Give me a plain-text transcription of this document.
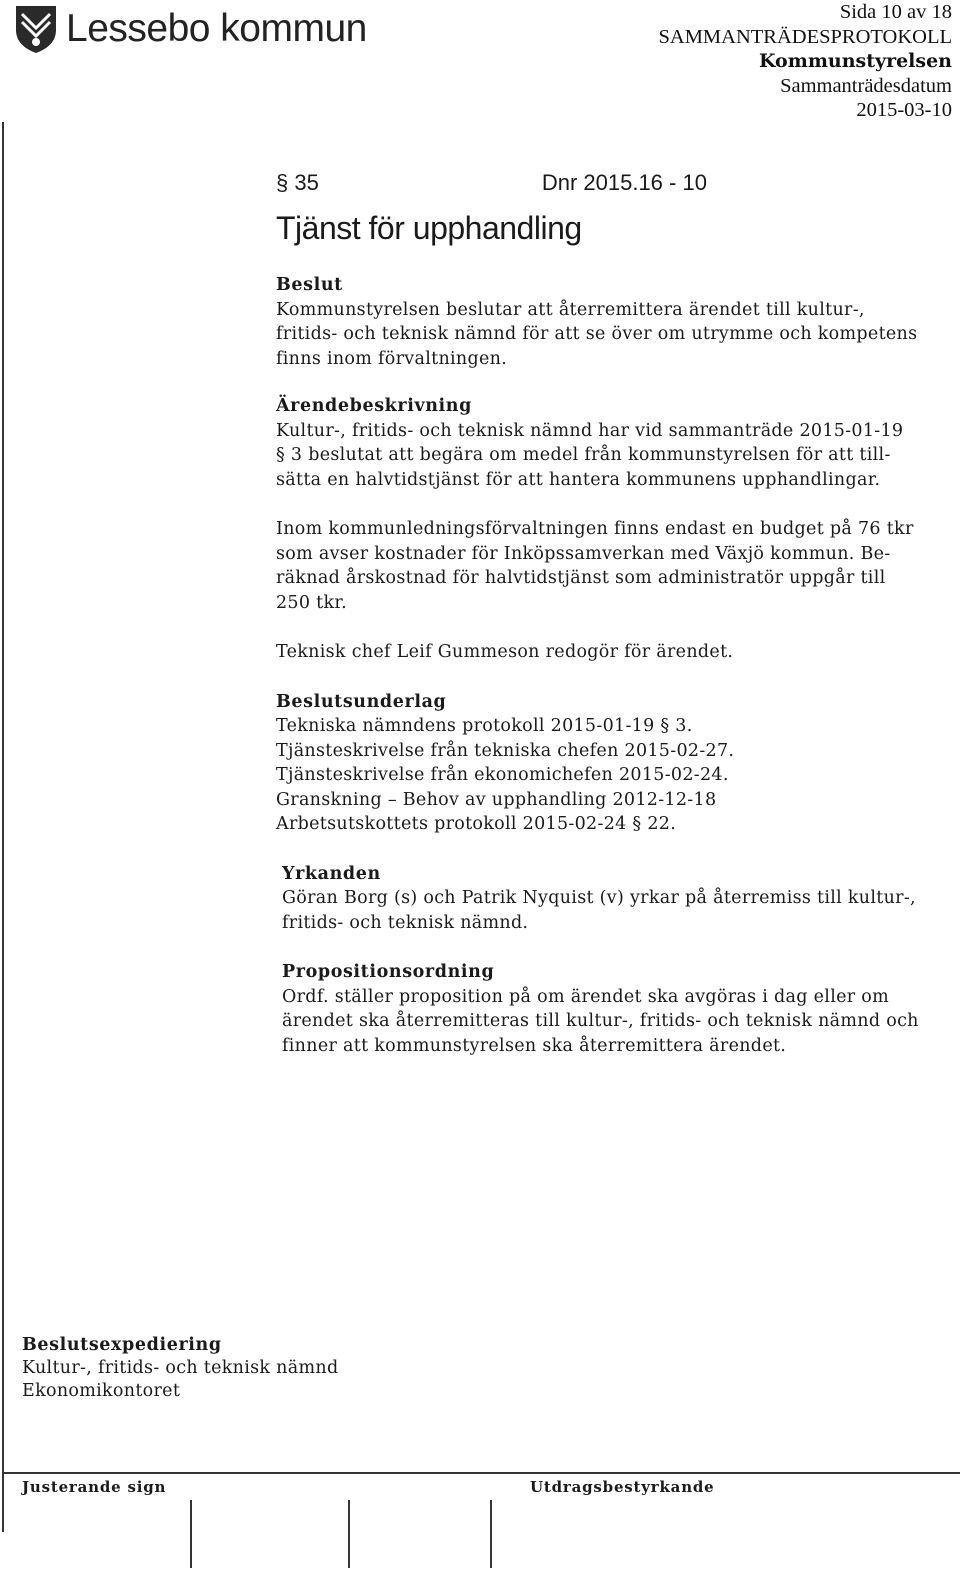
Lessebo kommun	Sida 10 av 18
SAMMANTRÄDESPROTOKOLL
Kommunstyrelsen
Sammanträdesdatum
2015-03-10
§ 35	Dnr 2015.16 - 10
Tjänst för upphandling
Beslut
Kommunstyrelsen beslutar att återremittera ärendet till kultur-,
fritids- och teknisk nämnd för att se över om utrymme och kompetens
finns inom förvaltningen.
Ärendebeskrivning
Kultur-, fritids- och teknisk nämnd har vid sammanträde 2015-01-19
§ 3 beslutat att begära om medel från kommunstyrelsen för att till-
sätta en halvtidstjänst för att hantera kommunens upphandlingar.
Inom kommunledningsförvaltningen finns endast en budget på 76 tkr
som avser kostnader för Inköpssamverkan med Växjö kommun. Be-
räknad årskostnad för halvtidstjänst som administratör uppgår till
250 tkr.
Teknisk chef Leif Gummeson redogör för ärendet.
Beslutsunderlag
Tekniska nämndens protokoll 2015-01-19 § 3.
Tjänsteskrivelse från tekniska chefen 2015-02-27.
Tjänsteskrivelse från ekonomichefen 2015-02-24.
Granskning – Behov av upphandling 2012-12-18
Arbetsutskottets protokoll 2015-02-24 § 22.
Yrkanden
Göran Borg (s) och Patrik Nyquist (v) yrkar på återremiss till kultur-,
fritids- och teknisk nämnd.
Propositionsordning
Ordf. ställer proposition på om ärendet ska avgöras i dag eller om
ärendet ska återremitteras till kultur-, fritids- och teknisk nämnd och
finner att kommunstyrelsen ska återremittera ärendet.
Beslutsexpediering
Kultur-, fritids- och teknisk nämnd
Ekonomikontoret
Justerande sign	Utdragsbestyrkande
